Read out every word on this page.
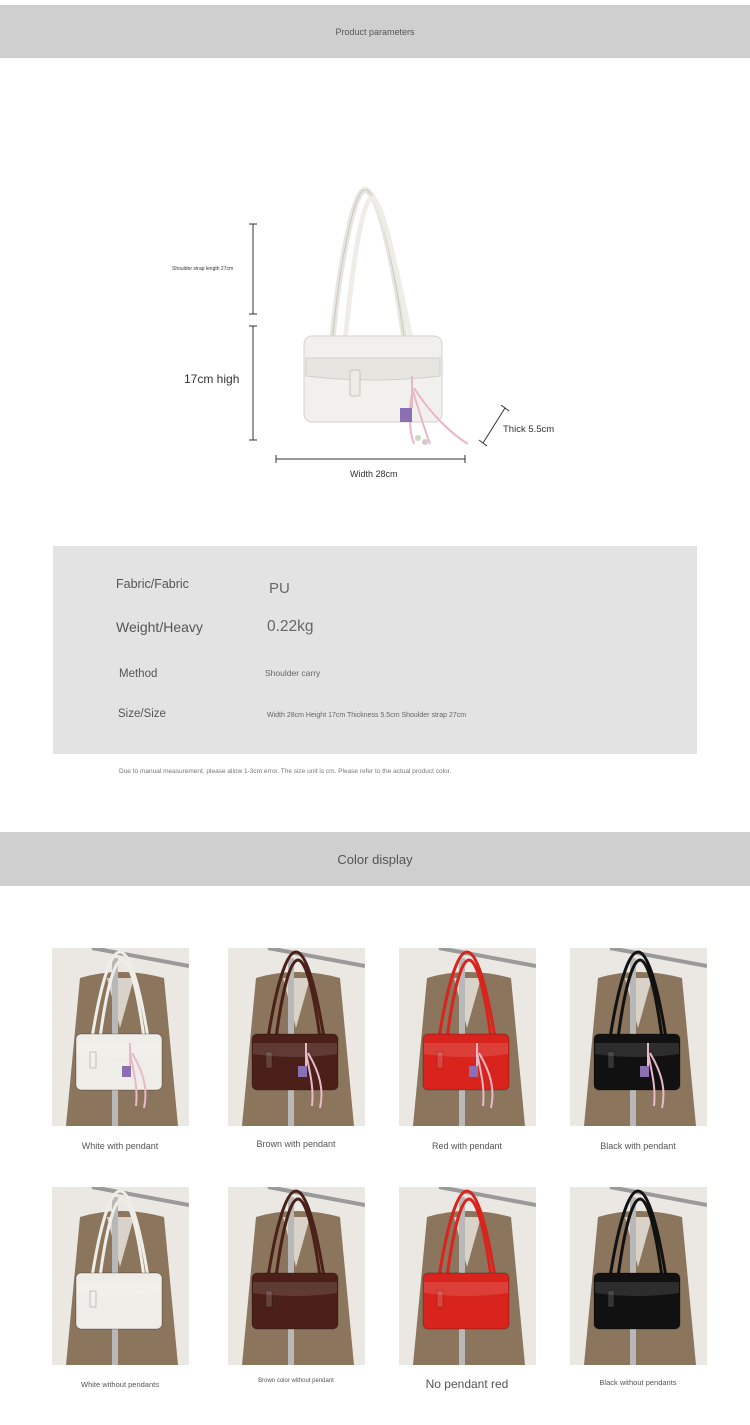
Product parameters
Shoulder strap length 27cm
17cm high
Thick 5.5cm
Width 28cm
Fabric/Fabric	PU
Weight/Heavy	0.22kg
Method	Shoulder carry
Size/Size	Width 28cm Height 17cm Thickness 5.5cm Shoulder strap 27cm
Due to manual measurement, please allow 1-3cm error. The size unit is cm. Please refer to the actual product color.
Color display
White with pendant	Brown with pendant	Red with pendant	Black with pendant
White without pendants	Brown color without pendant	No pendant red	Black without pendants
